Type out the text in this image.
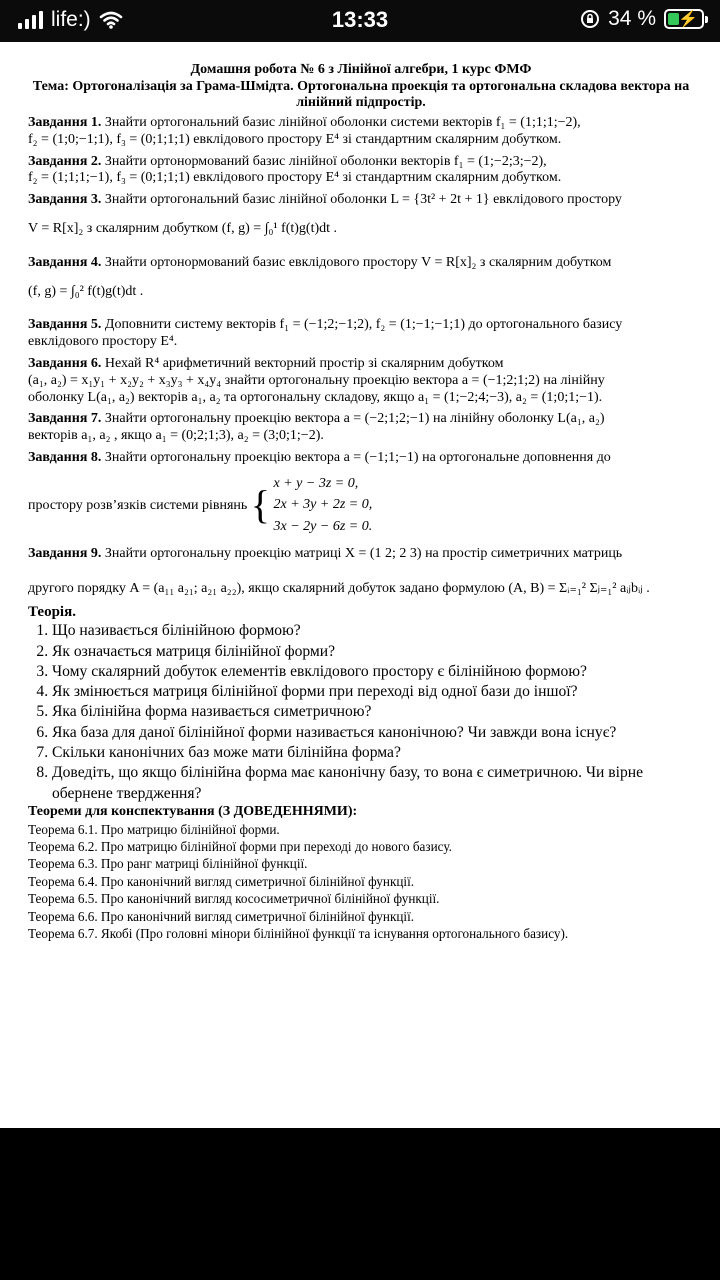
life:)	13:33	34 % ⚡

Домашня робота № 6 з Лінійної алгебри, 1 курс ФМФ

Тема: Ортогоналізація за Грама-Шмідта. Ортогональна проекція та ортогональна складова вектора на лінійний підпростір.

Завдання 1. Знайти ортогональний базис лінійної оболонки системи векторів f₁ = (1;1;1;−2),
f₂ = (1;0;−1;1), f₃ = (0;1;1;1) евклідового простору E⁴ зі стандартним скалярним добутком.
Завдання 2. Знайти ортонормований базис лінійної оболонки векторів f₁ = (1;−2;3;−2),
f₂ = (1;1;1;−1), f₃ = (0;1;1;1) евклідового простору E⁴ зі стандартним скалярним добутком.
Завдання 3. Знайти ортогональний базис лінійної оболонки L = {3t² + 2t + 1} евклідового простору
V = R[x]₂ з скалярним добутком (f, g) = ∫₀¹ f(t)g(t)dt .
Завдання 4. Знайти ортонормований базис евклідового простору V = R[x]₂ з скалярним добутком
(f, g) = ∫₀² f(t)g(t)dt .
Завдання 5. Доповнити систему векторів f₁ = (−1;2;−1;2), f₂ = (1;−1;−1;1) до ортогонального базису
евклідового простору E⁴.
Завдання 6. Нехай R⁴ арифметичний векторний простір зі скалярним добутком
(a₁, a₂) = x₁y₁ + x₂y₂ + x₃y₃ + x₄y₄ знайти ортогональну проекцію вектора a = (−1;2;1;2) на лінійну
оболонку L(a₁, a₂) векторів a₁, a₂ та ортогональну складову, якщо a₁ = (1;−2;4;−3), a₂ = (1;0;1;−1).
Завдання 7. Знайти ортогональну проекцію вектора a = (−2;1;2;−1) на лінійну оболонку L(a₁, a₂)
векторів a₁, a₂ , якщо a₁ = (0;2;1;3), a₂ = (3;0;1;−2).
Завдання 8. Знайти ортогональну проекцію вектора a = (−1;1;−1) на ортогональне доповнення до
простору розв’язків системи рівнянь { x + y − 3z = 0,
2x + 3y + 2z = 0,
3x − 2y − 6z = 0.
Завдання 9. Знайти ортогональну проекцію матриці X = (1 2; 2 3) на простір симетричних матриць
другого порядку A = (a₁₁ a₂₁; a₂₁ a₂₂), якщо скалярний добуток задано формулою (A, B) = Σᵢ₌₁² Σⱼ₌₁² aᵢⱼbᵢⱼ .
Теорія.
1. Що називається білінійною формою?
2. Як означається матриця білінійної форми?
3. Чому скалярний добуток елементів евклідового простору є білінійною формою?
4. Як змінюється матриця білінійної форми при переході від одної бази до іншої?
5. Яка білінійна форма називається симетричною?
6. Яка база для даної білінійної форми називається канонічною? Чи завжди вона існує?
7. Скільки канонічних баз може мати білінійна форма?
8. Доведіть, що якщо білінійна форма має канонічну базу, то вона є симетричною. Чи вірне обернене твердження?
Теореми для конспектування (З ДОВЕДЕННЯМИ):
Теорема 6.1. Про матрицю білінійної форми.
Теорема 6.2. Про матрицю білінійної форми при переході до нового базису.
Теорема 6.3. Про ранг матриці білінійної функції.
Теорема 6.4. Про канонічний вигляд симетричної білінійної функції.
Теорема 6.5. Про канонічний вигляд кососиметричної білінійної функції.
Теорема 6.6. Про канонічний вигляд симетричної білінійної функції.
Теорема 6.7. Якобі (Про головні мінори білінійної функції та існування ортогонального базису).
